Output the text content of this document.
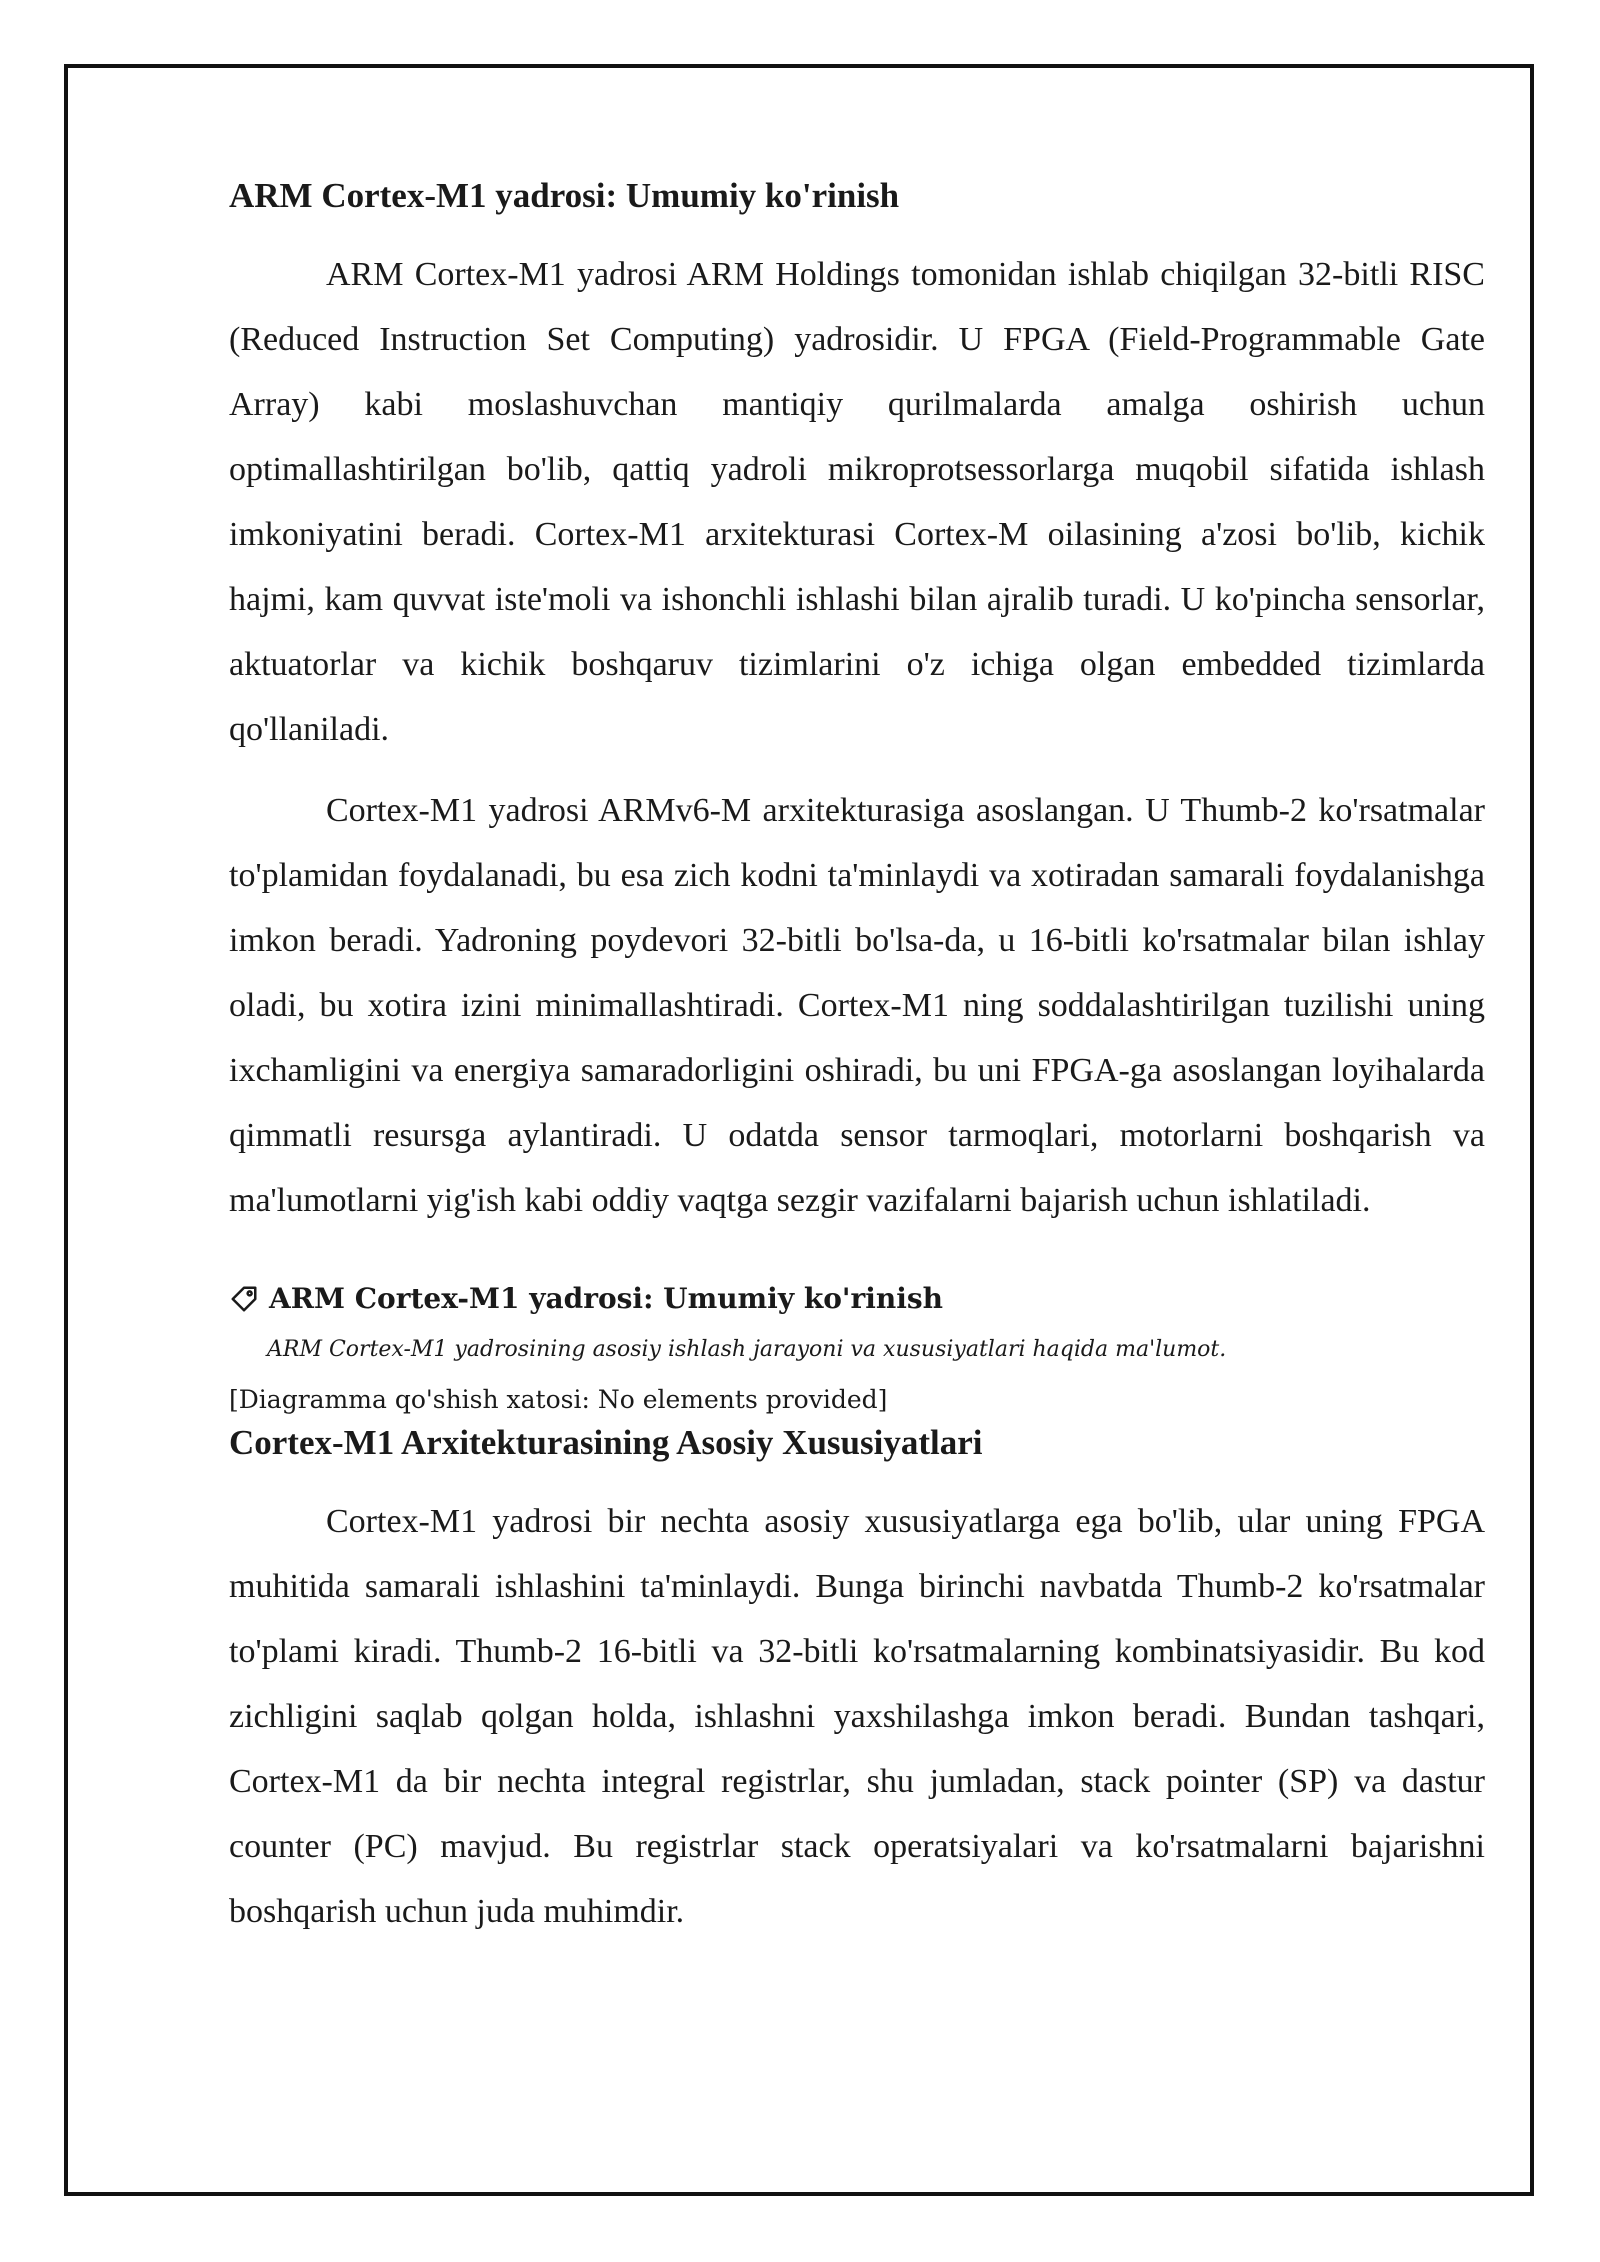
ARM Cortex-M1 yadrosi: Umumiy ko'rinish

ARM Cortex-M1 yadrosi ARM Holdings tomonidan ishlab chiqilgan 32-bitli RISC (Reduced Instruction Set Computing) yadrosidir. U FPGA (Field-Programmable Gate Array) kabi moslashuvchan mantiqiy qurilmalarda amalga oshirish uchun optimallashtirilgan bo'lib, qattiq yadroli mikroprotsessorlarga muqobil sifatida ishlash imkoniyatini beradi. Cortex-M1 arxitekturasi Cortex-M oilasining a'zosi bo'lib, kichik hajmi, kam quvvat iste'moli va ishonchli ishlashi bilan ajralib turadi. U ko'pincha sensorlar, aktuatorlar va kichik boshqaruv tizimlarini o'z ichiga olgan embedded tizimlarda qo'llaniladi.

Cortex-M1 yadrosi ARMv6-M arxitekturasiga asoslangan. U Thumb-2 ko'rsatmalar to'plamidan foydalanadi, bu esa zich kodni ta'minlaydi va xotiradan samarali foydalanishga imkon beradi. Yadroning poydevori 32-bitli bo'lsa-da, u 16-bitli ko'rsatmalar bilan ishlay oladi, bu xotira izini minimallashtiradi. Cortex-M1 ning soddalashtirilgan tuzilishi uning ixchamligini va energiya samaradorligini oshiradi, bu uni FPGA-ga asoslangan loyihalarda qimmatli resursga aylantiradi. U odatda sensor tarmoqlari, motorlarni boshqarish va ma'lumotlarni yig'ish kabi oddiy vaqtga sezgir vazifalarni bajarish uchun ishlatiladi.

ARM Cortex-M1 yadrosi: Umumiy ko'rinish
ARM Cortex-M1 yadrosining asosiy ishlash jarayoni va xususiyatlari haqida ma'lumot.
[Diagramma qo'shish xatosi: No elements provided]
Cortex-M1 Arxitekturasining Asosiy Xususiyatlari

Cortex-M1 yadrosi bir nechta asosiy xususiyatlarga ega bo'lib, ular uning FPGA muhitida samarali ishlashini ta'minlaydi. Bunga birinchi navbatda Thumb-2 ko'rsatmalar to'plami kiradi. Thumb-2 16-bitli va 32-bitli ko'rsatmalarning kombinatsiyasidir. Bu kod zichligini saqlab qolgan holda, ishlashni yaxshilashga imkon beradi. Bundan tashqari, Cortex-M1 da bir nechta integral registrlar, shu jumladan, stack pointer (SP) va dastur counter (PC) mavjud. Bu registrlar stack operatsiyalari va ko'rsatmalarni bajarishni boshqarish uchun juda muhimdir.
